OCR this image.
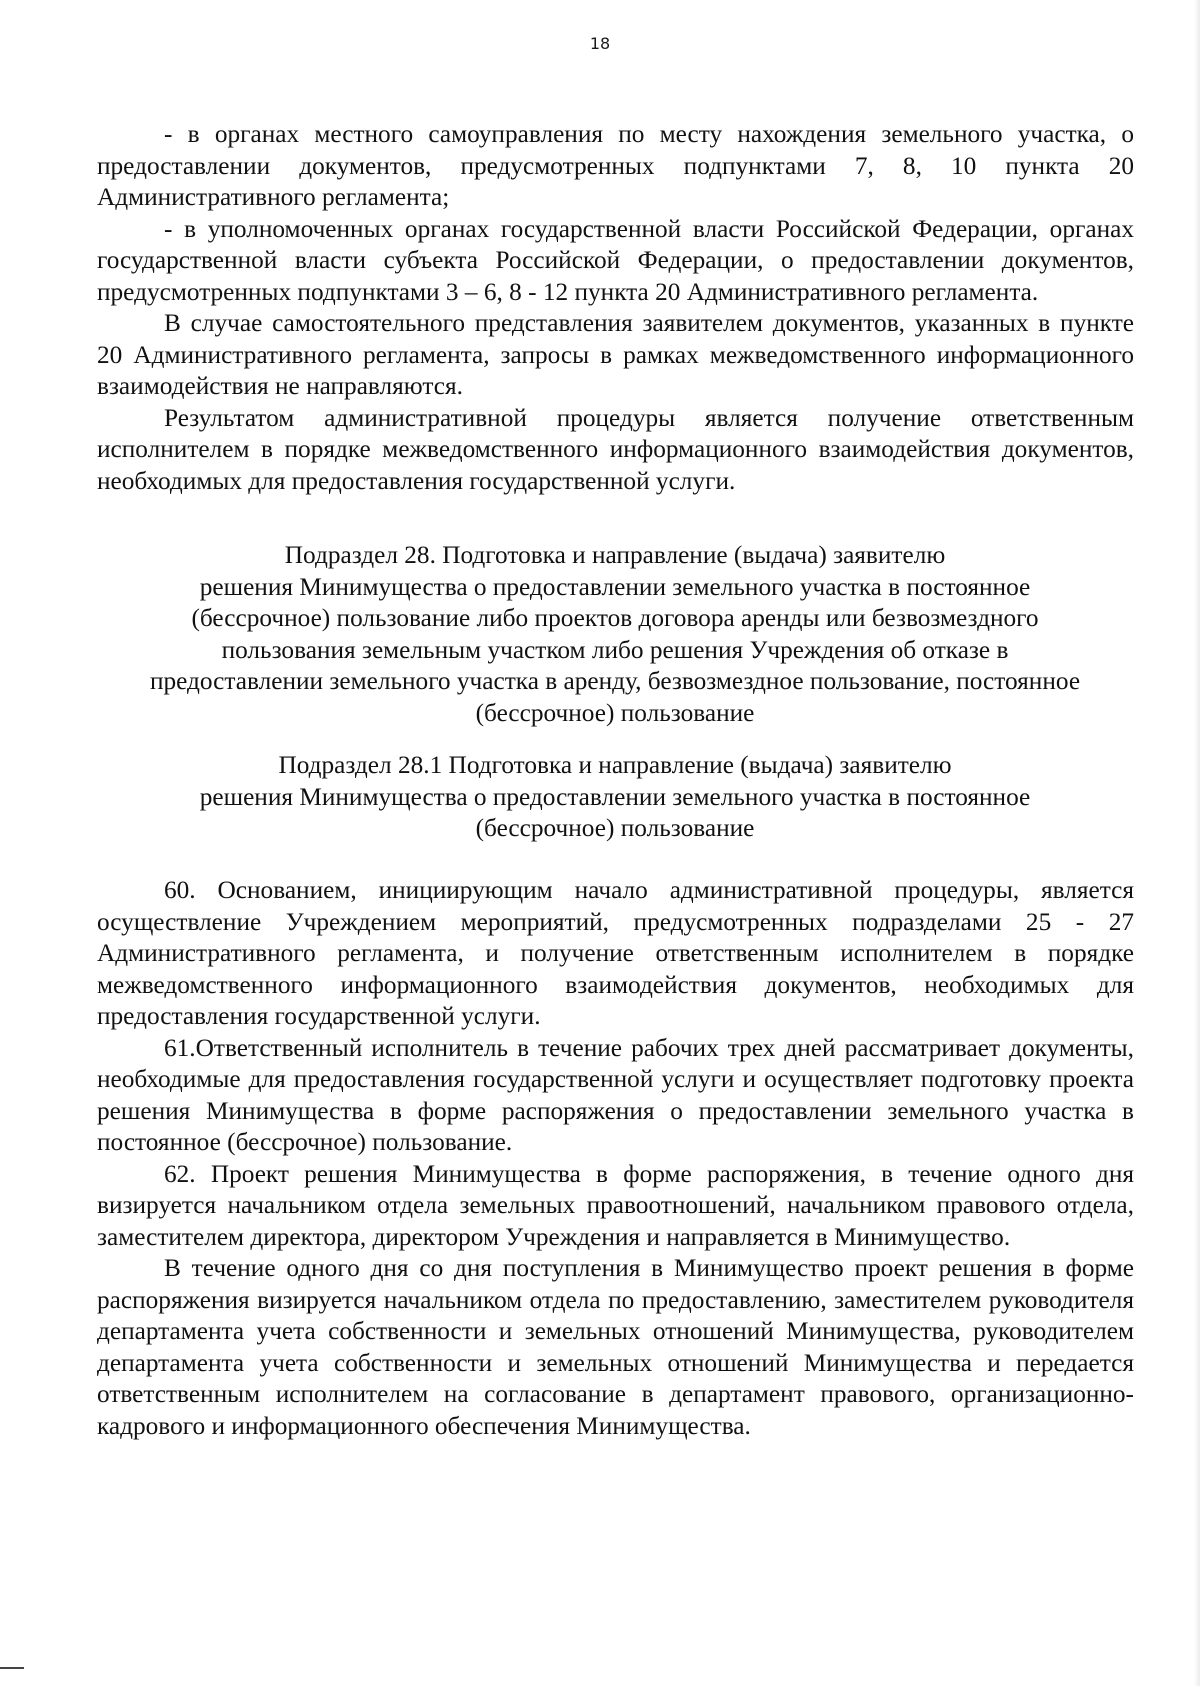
18

- в органах местного самоуправления по месту нахождения земельного участка, о предоставлении документов, предусмотренных подпунктами 7, 8, 10 пункта 20 Административного регламента;

- в уполномоченных органах государственной власти Российской Федерации, органах государственной власти субъекта Российской Федерации, о предоставлении документов, предусмотренных подпунктами 3 – 6, 8 - 12 пункта 20 Административного регламента.

В случае самостоятельного представления заявителем документов, указанных в пункте 20 Административного регламента, запросы в рамках межведомственного информационного взаимодействия не направляются.

Результатом административной процедуры является получение ответственным исполнителем в порядке межведомственного информационного взаимодействия документов, необходимых для предоставления государственной услуги.

Подраздел 28. Подготовка и направление (выдача) заявителю
решения Минимущества о предоставлении земельного участка в постоянное
(бессрочное) пользование либо проектов договора аренды или безвозмездного
пользования земельным участком либо решения Учреждения об отказе в
предоставлении земельного участка в аренду, безвозмездное пользование, постоянное
(бессрочное) пользование
Подраздел 28.1 Подготовка и направление (выдача) заявителю
решения Минимущества о предоставлении земельного участка в постоянное
(бессрочное) пользование

60. Основанием, инициирующим начало административной процедуры, является осуществление Учреждением мероприятий, предусмотренных подразделами 25 - 27 Административного регламента, и получение ответственным исполнителем в порядке межведомственного информационного взаимодействия документов, необходимых для предоставления государственной услуги.

61.Ответственный исполнитель в течение рабочих трех дней рассматривает документы, необходимые для предоставления государственной услуги и осуществляет подготовку проекта решения Минимущества в форме распоряжения о предоставлении земельного участка в постоянное (бессрочное) пользование.

62. Проект решения Минимущества в форме распоряжения, в течение одного дня визируется начальником отдела земельных правоотношений, начальником правового отдела, заместителем директора, директором Учреждения и направляется в Минимущество.

В течение одного дня со дня поступления в Минимущество проект решения в форме распоряжения визируется начальником отдела по предоставлению, заместителем руководителя департамента учета собственности и земельных отношений Минимущества, руководителем департамента учета собственности и земельных отношений Минимущества и передается ответственным исполнителем на согласование в департамент правового, организационно-кадрового и информационного обеспечения Минимущества.
